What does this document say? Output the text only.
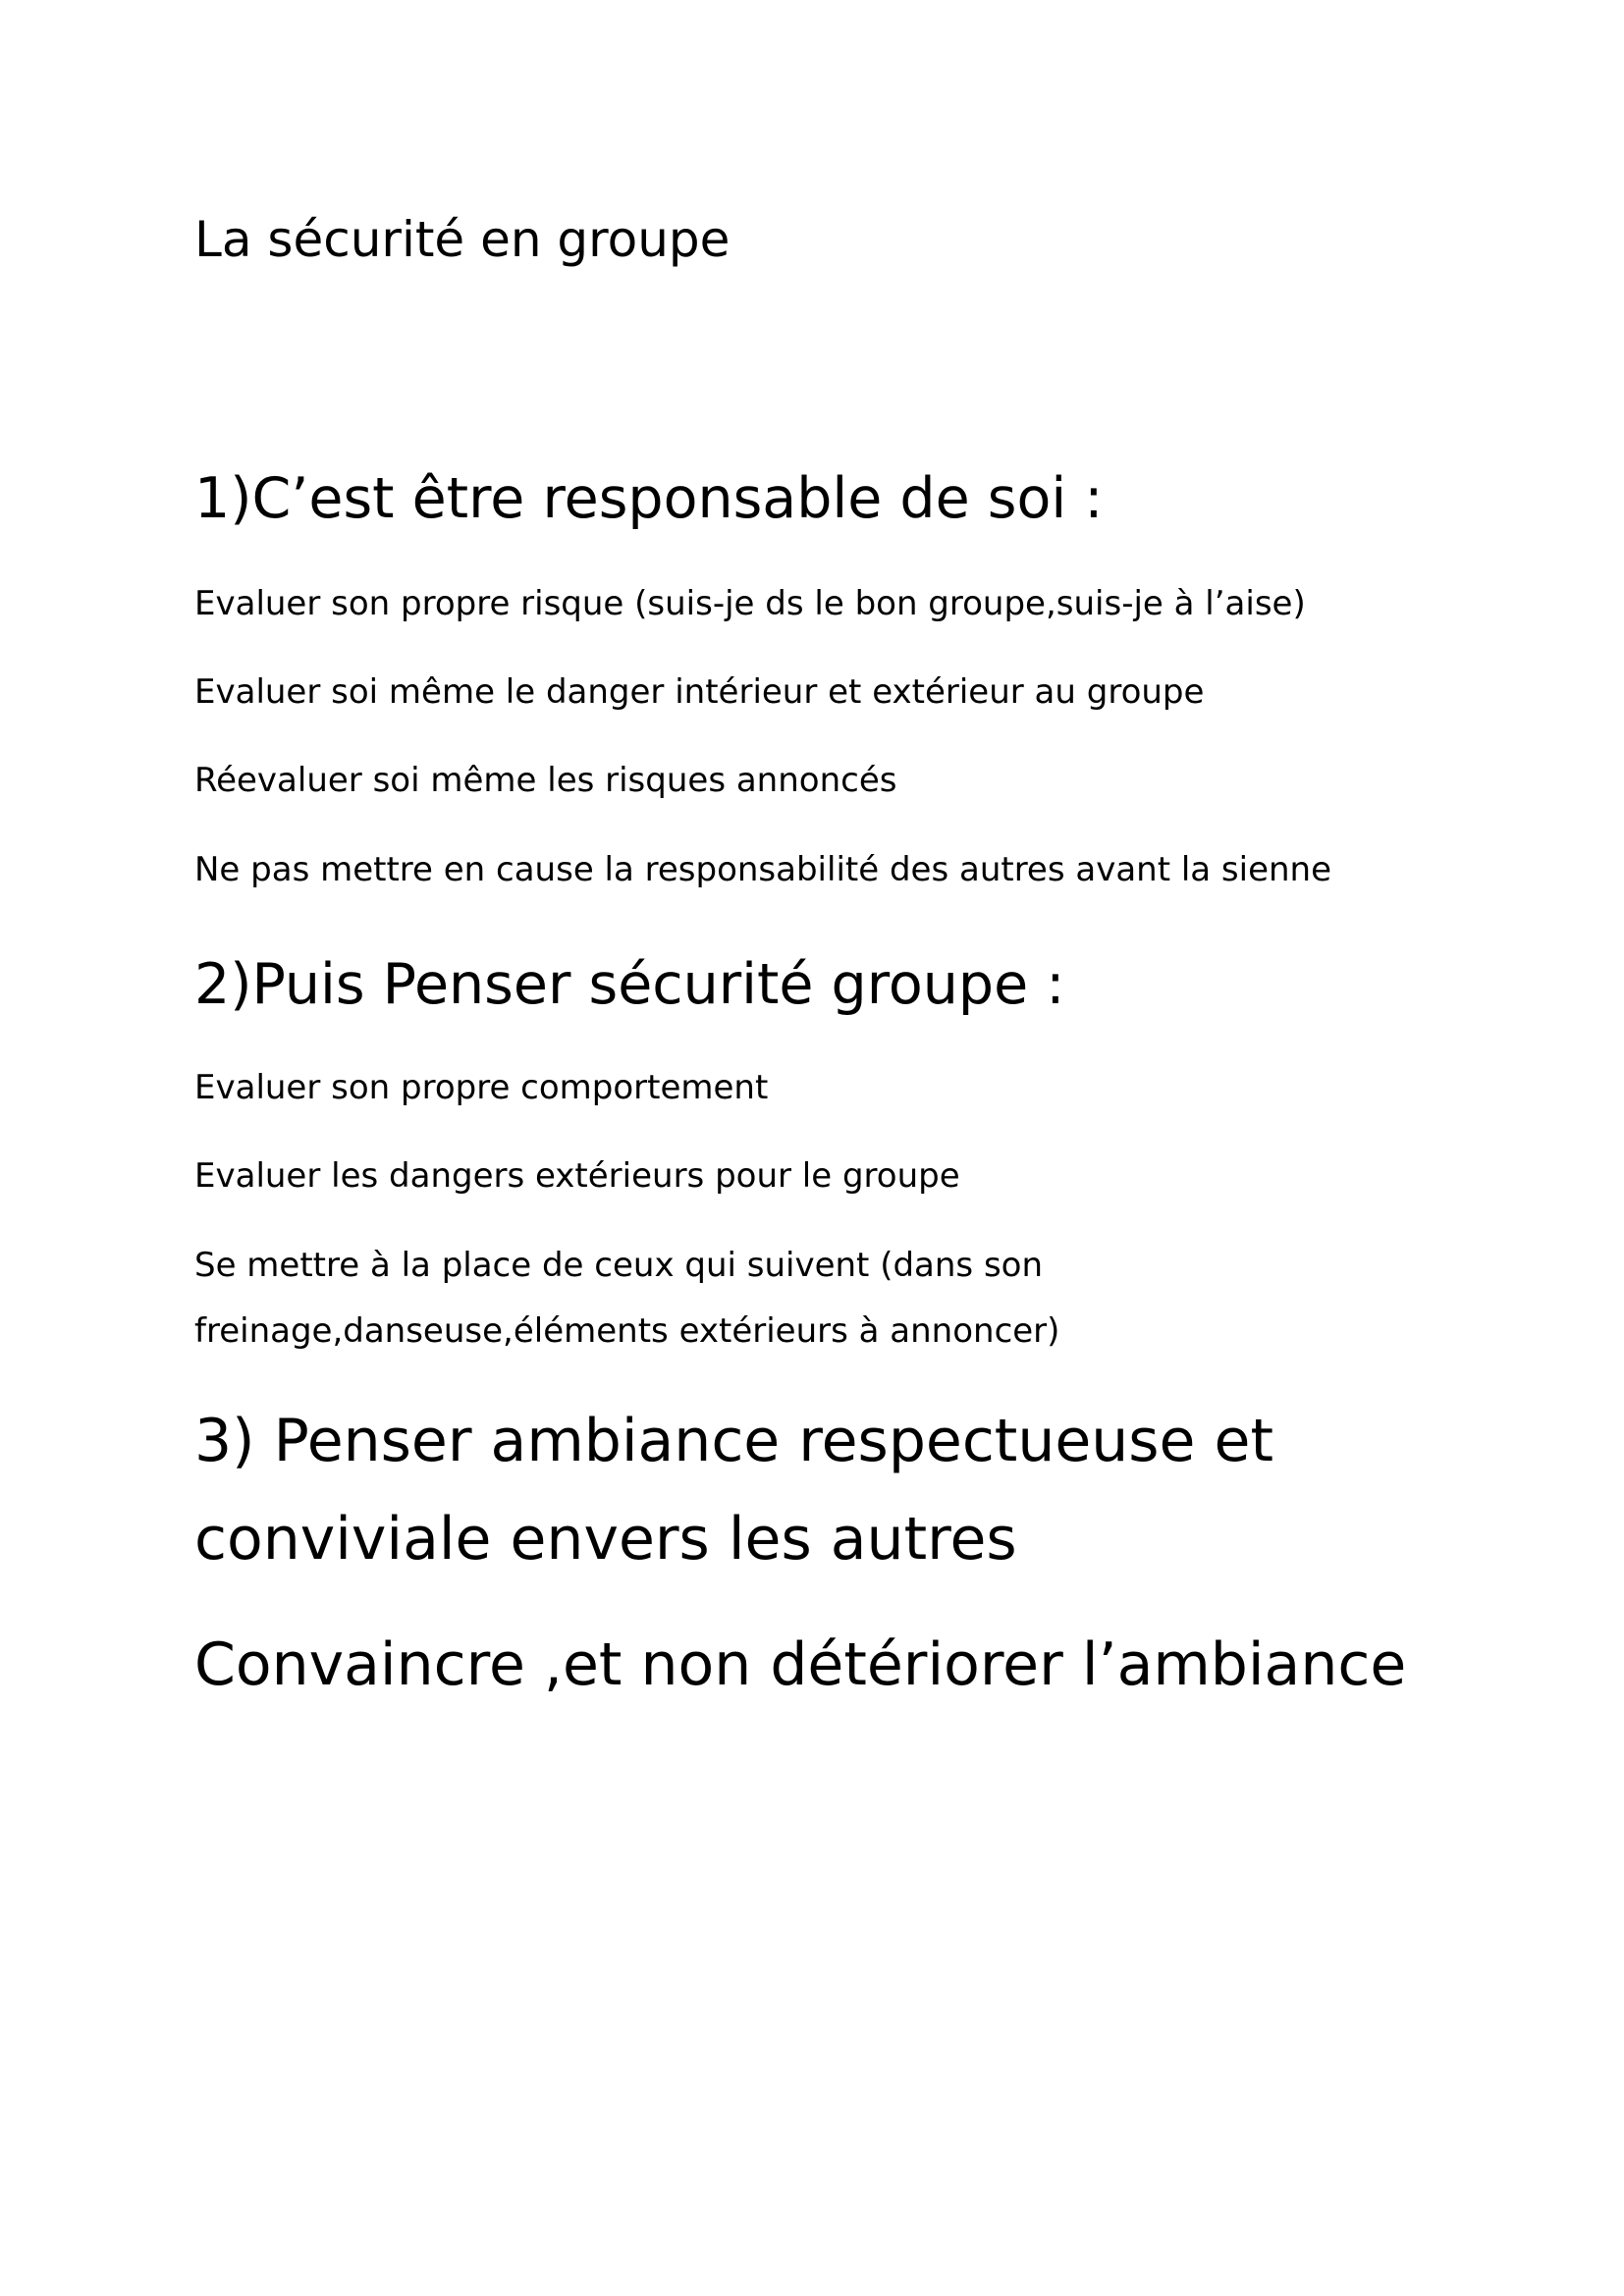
La sécurité en groupe
1)C’est être responsable de soi :

Evaluer son propre risque (suis-je ds le bon groupe,suis-je à l’aise)

Evaluer soi même le danger intérieur et extérieur au groupe

Réevaluer soi même les risques annoncés

Ne pas mettre en cause la responsabilité des autres avant la sienne

2)Puis Penser sécurité groupe :

Evaluer son propre comportement

Evaluer les dangers extérieurs pour le groupe

Se mettre à la place de ceux qui suivent (dans son

freinage,danseuse,éléments extérieurs à annoncer)

3) Penser ambiance respectueuse et
conviviale envers les autres

Convaincre ,et non détériorer l’ambiance
